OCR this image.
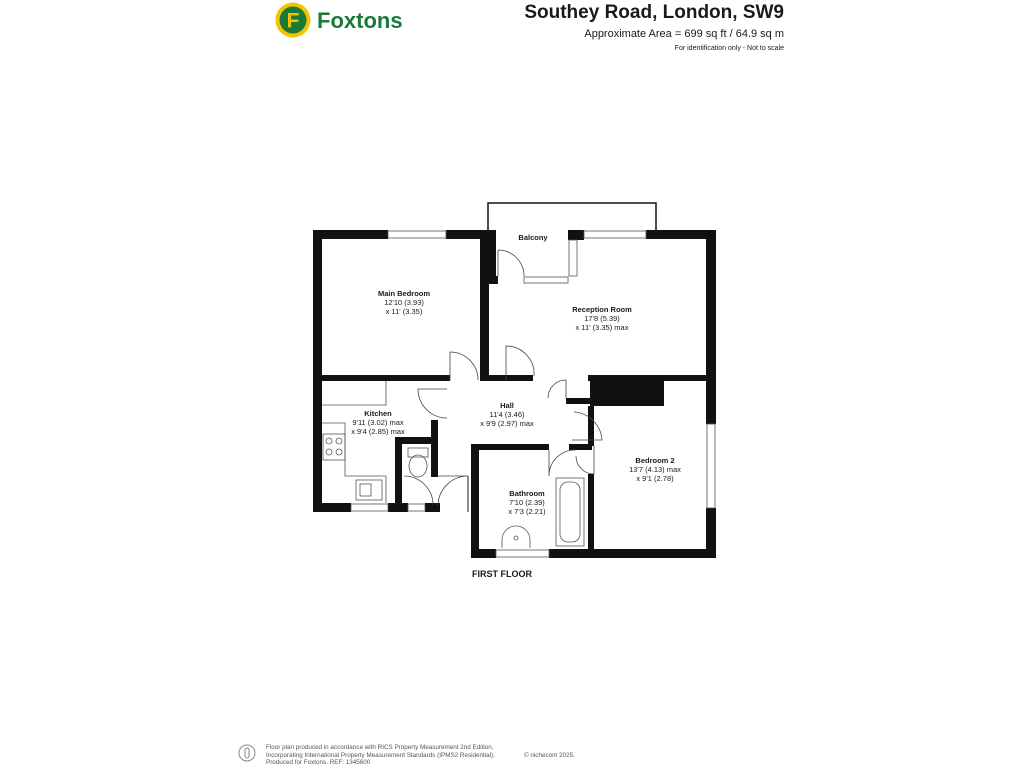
F Foxtons	Southey Road, London, SW9
Approximate Area = 699 sq ft / 64.9 sq m
For identification only - Not to scale
Balcony
Main Bedroom
12'10 (3.93)
x 11' (3.35)	Reception Room
17'8 (5.39)
x 11' (3.35) max
Hall
11'4 (3.46)
x 9'9 (2.97) max
Kitchen
9'11 (3.02) max
x 9'4 (2.85) max
Bedroom 2
13'7 (4.13) max
x 9'1 (2.78)
Bathroom
7'10 (2.39)
x 7'3 (2.21)
FIRST FLOOR
Floor plan produced in accordance with RICS Property Measurement 2nd Edition,
Incorporating International Property Measurement Standards (IPMS2 Residential).
Produced for Foxtons. REF: 1345600
© nichecom 2025.
